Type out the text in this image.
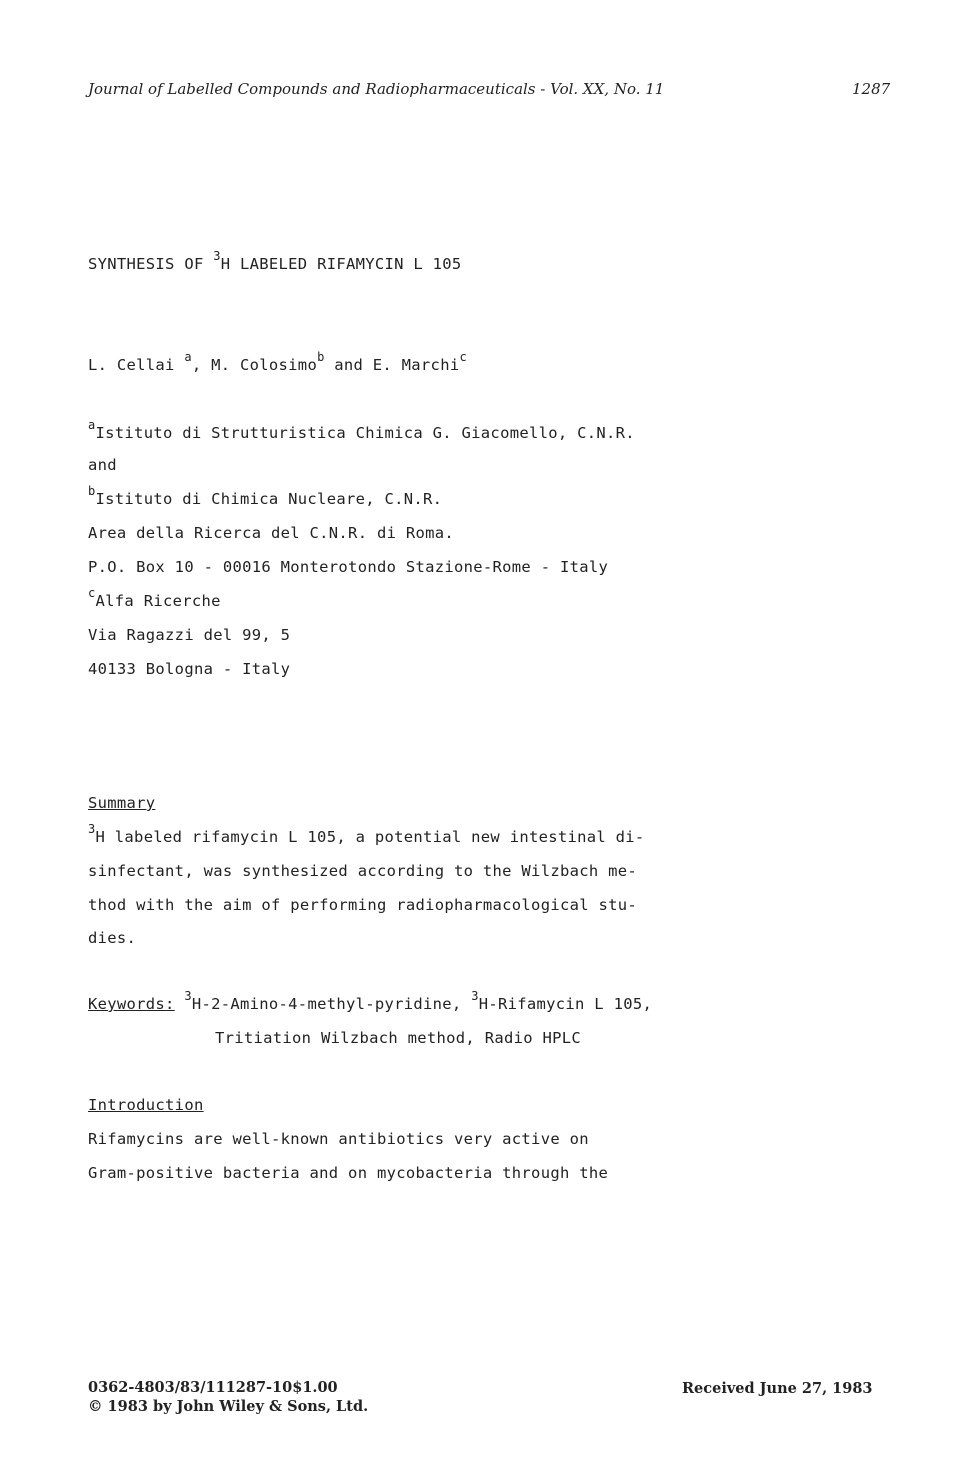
Journal of Labelled Compounds and Radiopharmaceuticals - Vol. XX, No. 11	1287
SYNTHESIS OF $^3$H LABELED RIFAMYCIN L 105
L. Cellai $^a$, M. Colosimo$^b$ and E. Marchi$^c$
$^a$Istituto di Strutturistica Chimica G. Giacomello, C.N.R.
and
$^b$Istituto di Chimica Nucleare, C.N.R.
Area della Ricerca del C.N.R. di Roma.
P.O. Box 10 - 00016 Monterotondo Stazione-Rome - Italy
$^c$Alfa Ricerche
Via Ragazzi del 99, 5
40133 Bologna - Italy
Summary
$^3$H labeled rifamycin L 105, a potential new intestinal di-
sinfectant, was synthesized according to the Wilzbach me-
thod with the aim of performing radiopharmacological stu-
dies.
Keywords: $^3$H-2-Amino-4-methyl-pyridine, $^3$H-Rifamycin L 105,
Tritiation Wilzbach method, Radio HPLC
Introduction
Rifamycins are well-known antibiotics very active on
Gram-positive bacteria and on mycobacteria through the
0362-4803/83/111287-10$1.00
© 1983 by John Wiley & Sons, Ltd.
Received June 27, 1983
